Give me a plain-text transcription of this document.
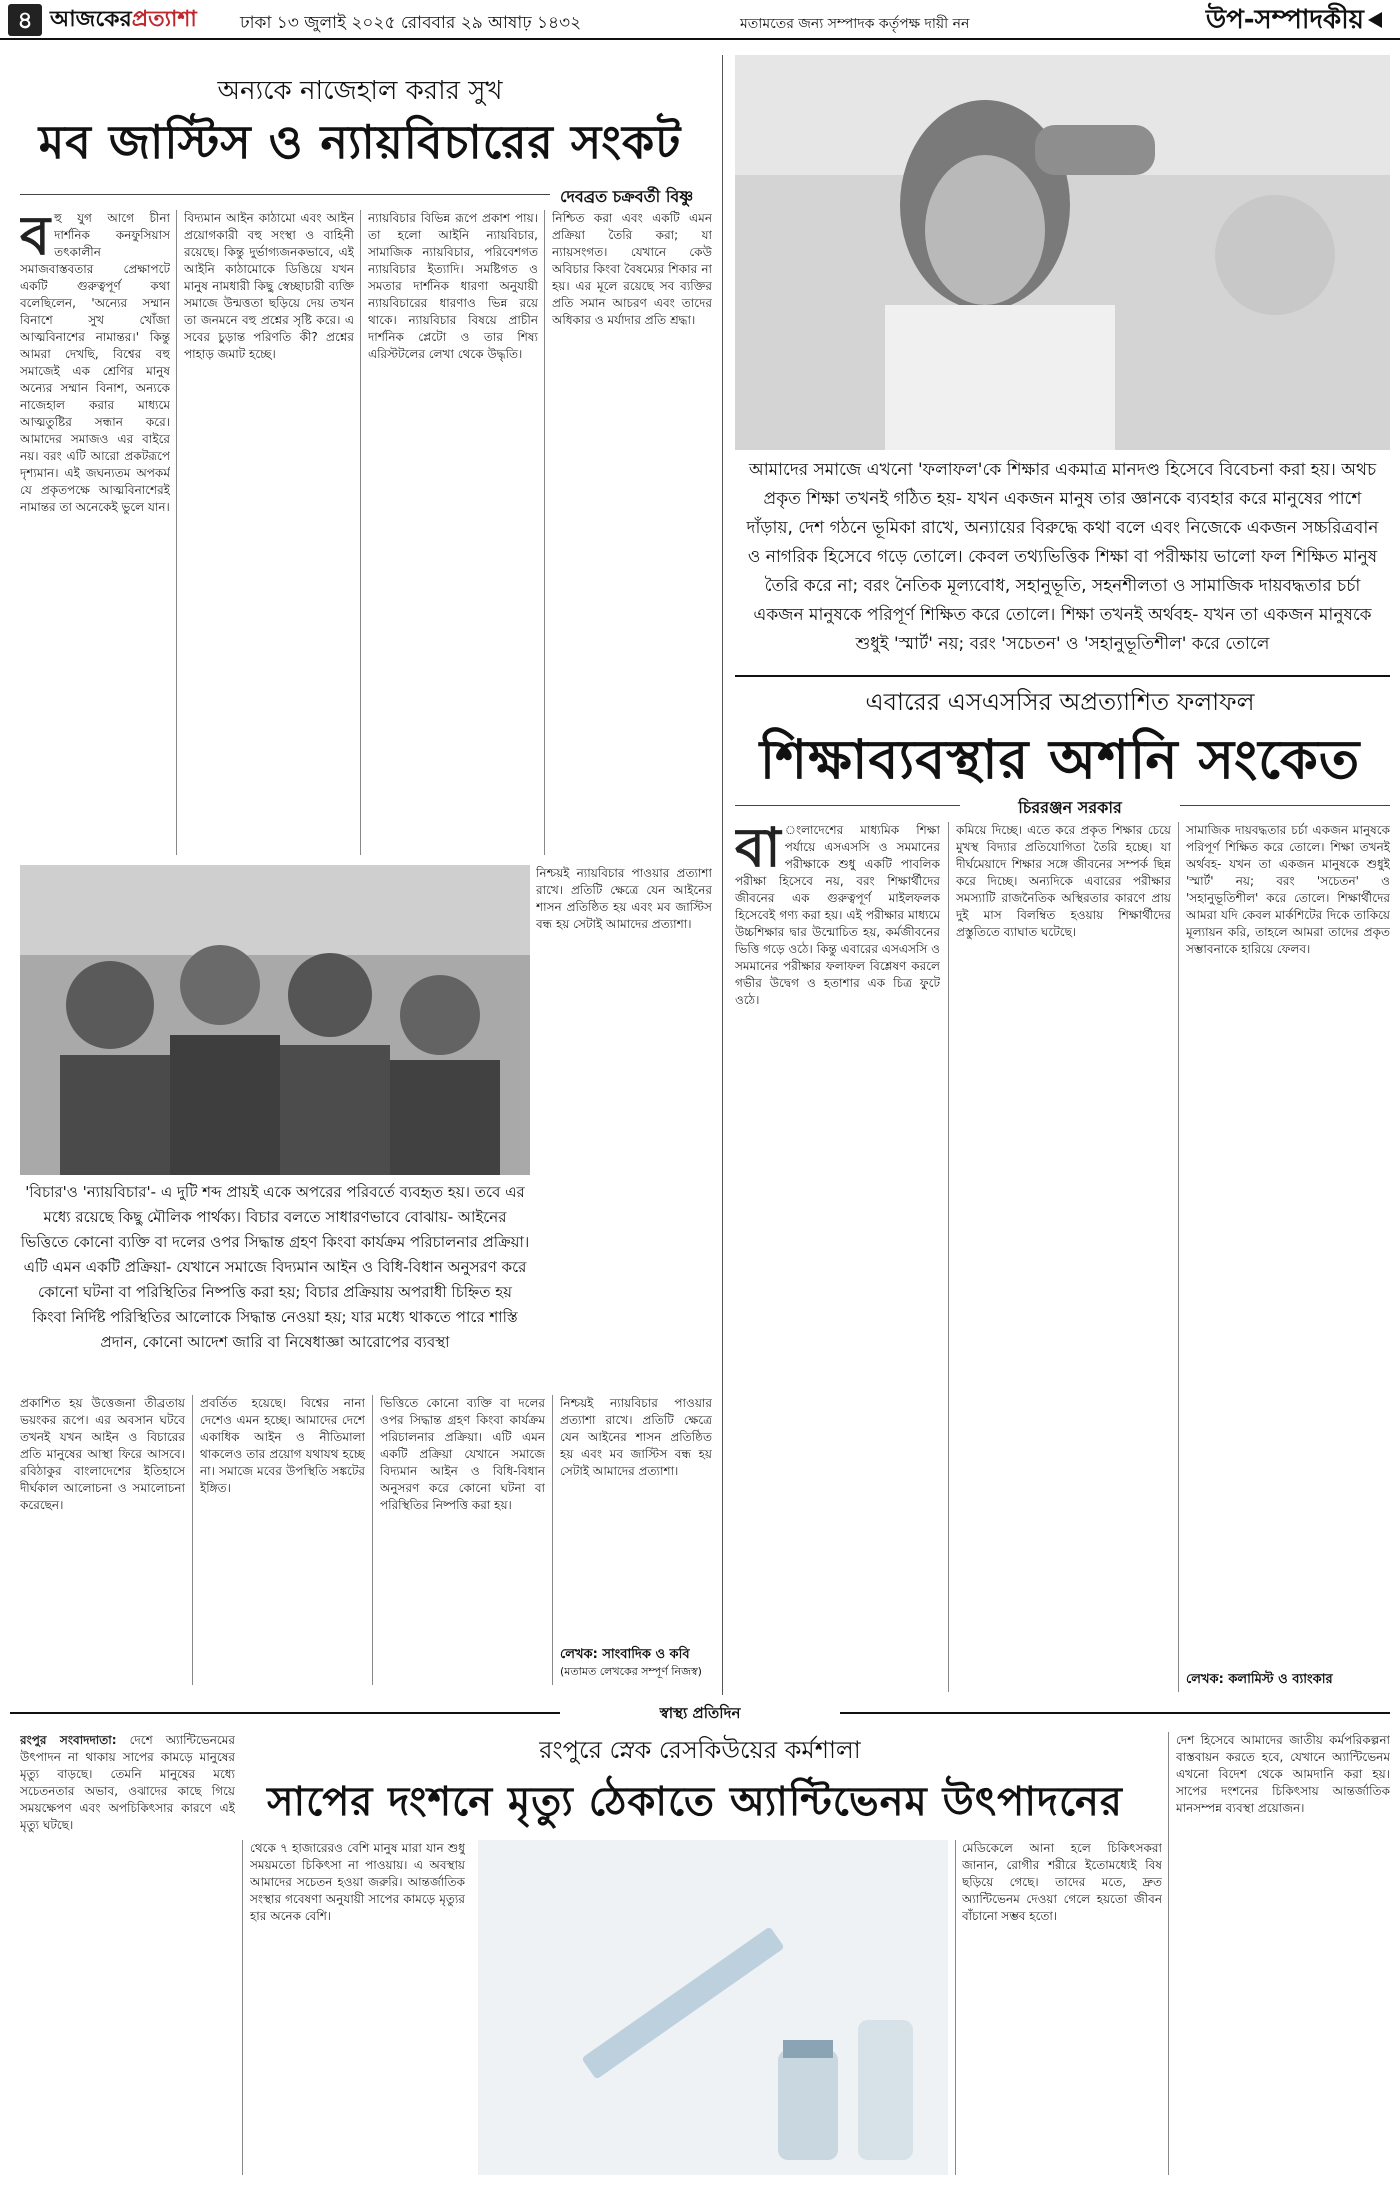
৪ আজকেরপ্রত্যাশা	ঢাকা ১৩ জুলাই ২০২৫ রোববার ২৯ আষাঢ় ১৪৩২	মতামতের জন্য সম্পাদক কর্তৃপক্ষ দায়ী নন	উপ-সম্পাদকীয়
অন্যকে নাজেহাল করার সুখ
মব জাস্টিস ও ন্যায়বিচারের সংকট
দেবব্রত চক্রবর্তী বিষ্ণু
ব হু যুগ আগে চীনা দার্শনিক কনফুসিয়াস তৎকালীন সমাজবাস্তবতার প্রেক্ষাপটে একটি গুরুত্বপূর্ণ কথা বলেছিলেন, 'অন্যের সম্মান বিনাশে সুখ খোঁজা আত্মবিনাশের নামান্তর।' কিন্তু আমরা দেখছি, বিশ্বের বহু সমাজেই এক শ্রেণির মানুষ অন্যের সম্মান বিনাশ, অন্যকে নাজেহাল করার মাধ্যমে আত্মতুষ্টির সন্ধান করে। আমাদের সমাজও এর বাইরে নয়। বরং এটি আরো প্রকটরূপে দৃশ্যমান। এই জঘন্যতম অপকর্ম যে প্রকৃতপক্ষে আত্মবিনাশেরই নামান্তর তা অনেকেই ভুলে যান।
বিদ্যমান আইন কাঠামো এবং আইন প্রয়োগকারী বহু সংস্থা ও বাহিনী রয়েছে। কিন্তু দুর্ভাগ্যজনকভাবে, এই আইনি কাঠামোকে ডিঙিয়ে যখন মানুষ নামধারী কিছু স্বেচ্ছাচারী ব্যক্তি সমাজে উন্মত্ততা ছড়িয়ে দেয় তখন তা জনমনে বহু প্রশ্নের সৃষ্টি করে। এ সবের চুড়ান্ত পরিণতি কী? প্রশ্নের পাহাড় জমাট হচ্ছে।
ন্যায়বিচার বিভিন্ন রূপে প্রকাশ পায়। তা হলো আইনি ন্যায়বিচার, সামাজিক ন্যায়বিচার, পরিবেশগত ন্যায়বিচার ইত্যাদি। সমষ্টিগত ও সমতার দার্শনিক ধারণা অনুযায়ী ন্যায়বিচারের ধারণাও ভিন্ন রয়ে থাকে। ন্যায়বিচার বিষয়ে প্রাচীন দার্শনিক প্লেটো ও তার শিষ্য এরিস্টটলের লেখা থেকে উদ্ধৃতি।
নিশ্চিত করা এবং একটি এমন প্রক্রিয়া তৈরি করা; যা ন্যায়সংগত। যেখানে কেউ অবিচার কিংবা বৈষম্যের শিকার না হয়। এর মূলে রয়েছে সব ব্যক্তির প্রতি সমান আচরণ এবং তাদের অধিকার ও মর্যাদার প্রতি শ্রদ্ধা।
'বিচার'ও 'ন্যায়বিচার'- এ দুটি শব্দ প্রায়ই একে অপরের পরিবর্তে ব্যবহৃত হয়। তবে এর মধ্যে রয়েছে কিছু মৌলিক পার্থক্য। বিচার বলতে সাধারণভাবে বোঝায়- আইনের ভিত্তিতে কোনো ব্যক্তি বা দলের ওপর সিদ্ধান্ত গ্রহণ কিংবা কার্যক্রম পরিচালনার প্রক্রিয়া। এটি এমন একটি প্রক্রিয়া- যেখানে সমাজে বিদ্যমান আইন ও বিধি-বিধান অনুসরণ করে কোনো ঘটনা বা পরিস্থিতির নিষ্পত্তি করা হয়; বিচার প্রক্রিয়ায় অপরাধী চিহ্নিত হয় কিংবা নির্দিষ্ট পরিস্থিতির আলোকে সিদ্ধান্ত নেওয়া হয়; যার মধ্যে থাকতে পারে শাস্তি প্রদান, কোনো আদেশ জারি বা নিষেধাজ্ঞা আরোপের ব্যবস্থা
নিশ্চয়ই ন্যায়বিচার পাওয়ার প্রত্যাশা রাখে। প্রতিটি ক্ষেত্রে যেন আইনের শাসন প্রতিষ্ঠিত হয় এবং মব জাস্টিস বন্ধ হয় সেটাই আমাদের প্রত্যাশা।
প্রকাশিত হয় উত্তেজনা তীব্রতায় ভয়ংকর রূপে। এর অবসান ঘটবে তখনই যখন আইন ও বিচারের প্রতি মানুষের আস্থা ফিরে আসবে। রবিঠাকুর বাংলাদেশের ইতিহাসে দীর্ঘকাল আলোচনা ও সমালোচনা করেছেন।
প্রবর্তিত হয়েছে। বিশ্বের নানা দেশেও এমন হচ্ছে। আমাদের দেশে একাধিক আইন ও নীতিমালা থাকলেও তার প্রয়োগ যথাযথ হচ্ছে না। সমাজে মবের উপস্থিতি সঙ্কটের ইঙ্গিত।
ভিত্তিতে কোনো ব্যক্তি বা দলের ওপর সিদ্ধান্ত গ্রহণ কিংবা কার্যক্রম পরিচালনার প্রক্রিয়া। এটি এমন একটি প্রক্রিয়া যেখানে সমাজে বিদ্যমান আইন ও বিধি-বিধান অনুসরণ করে কোনো ঘটনা বা পরিস্থিতির নিষ্পত্তি করা হয়।
নিশ্চয়ই ন্যায়বিচার পাওয়ার প্রত্যাশা রাখে। প্রতিটি ক্ষেত্রে যেন আইনের শাসন প্রতিষ্ঠিত হয় এবং মব জাস্টিস বন্ধ হয় সেটাই আমাদের প্রত্যাশা।
লেখক: সাংবাদিক ও কবি
(মতামত লেখকের সম্পূর্ণ নিজস্ব)
আমাদের সমাজে এখনো 'ফলাফল'কে শিক্ষার একমাত্র মানদণ্ড হিসেবে বিবেচনা করা হয়। অথচ প্রকৃত শিক্ষা তখনই গঠিত হয়- যখন একজন মানুষ তার জ্ঞানকে ব্যবহার করে মানুষের পাশে দাঁড়ায়, দেশ গঠনে ভূমিকা রাখে, অন্যায়ের বিরুদ্ধে কথা বলে এবং নিজেকে একজন সচ্চরিত্রবান ও নাগরিক হিসেবে গড়ে তোলে। কেবল তথ্যভিত্তিক শিক্ষা বা পরীক্ষায় ভালো ফল শিক্ষিত মানুষ তৈরি করে না; বরং নৈতিক মূল্যবোধ, সহানুভূতি, সহনশীলতা ও সামাজিক দায়বদ্ধতার চর্চা একজন মানুষকে পরিপূর্ণ শিক্ষিত করে তোলে। শিক্ষা তখনই অর্থবহ- যখন তা একজন মানুষকে শুধুই 'স্মার্ট' নয়; বরং 'সচেতন' ও 'সহানুভূতিশীল' করে তোলে
এবারের এসএসসির অপ্রত্যাশিত ফলাফল
শিক্ষাব্যবস্থার অশনি সংকেত
চিররঞ্জন সরকার
বা ংলাদেশের মাধ্যমিক শিক্ষা পর্যায়ে এসএসসি ও সমমানের পরীক্ষাকে শুধু একটি পাবলিক পরীক্ষা হিসেবে নয়, বরং শিক্ষার্থীদের জীবনের এক গুরুত্বপূর্ণ মাইলফলক হিসেবেই গণ্য করা হয়। এই পরীক্ষার মাধ্যমে উচ্চশিক্ষার দ্বার উন্মোচিত হয়, কর্মজীবনের ভিত্তি গড়ে ওঠে। কিন্তু এবারের এসএসসি ও সমমানের পরীক্ষার ফলাফল বিশ্লেষণ করলে গভীর উদ্বেগ ও হতাশার এক চিত্র ফুটে ওঠে।
কমিয়ে দিচ্ছে। এতে করে প্রকৃত শিক্ষার চেয়ে মুখস্থ বিদ্যার প্রতিযোগিতা তৈরি হচ্ছে। যা দীর্ঘমেয়াদে শিক্ষার সঙ্গে জীবনের সম্পর্ক ছিন্ন করে দিচ্ছে। অন্যদিকে এবারের পরীক্ষার সমস্যাটি রাজনৈতিক অস্থিরতার কারণে প্রায় দুই মাস বিলম্বিত হওয়ায় শিক্ষার্থীদের প্রস্তুতিতে ব্যাঘাত ঘটেছে।
সামাজিক দায়বদ্ধতার চর্চা একজন মানুষকে পরিপূর্ণ শিক্ষিত করে তোলে। শিক্ষা তখনই অর্থবহ- যখন তা একজন মানুষকে শুধুই 'স্মার্ট' নয়; বরং 'সচেতন' ও 'সহানুভূতিশীল' করে তোলে। শিক্ষার্থীদের আমরা যদি কেবল মার্কশিটের দিকে তাকিয়ে মূল্যায়ন করি, তাহলে আমরা তাদের প্রকৃত সম্ভাবনাকে হারিয়ে ফেলব।
লেখক: কলামিস্ট ও ব্যাংকার
স্বাস্থ্য প্রতিদিন
রংপুরে স্নেক রেসকিউয়ের কর্মশালা
সাপের দংশনে মৃত্যু ঠেকাতে অ্যান্টিভেনম উৎপাদনের
রংপুর সংবাদদাতা: দেশে অ্যান্টিভেনমের উৎপাদন না থাকায় সাপের কামড়ে মানুষের মৃত্যু বাড়ছে। তেমনি মানুষের মধ্যে সচেতনতার অভাব, ওঝাদের কাছে গিয়ে সময়ক্ষেপণ এবং অপচিকিৎসার কারণে এই মৃত্যু ঘটছে।
থেকে ৭ হাজারেরও বেশি মানুষ মারা যান শুধু সময়মতো চিকিৎসা না পাওয়ায়। এ অবস্থায় আমাদের সচেতন হওয়া জরুরি। আন্তর্জাতিক সংস্থার গবেষণা অনুযায়ী সাপের কামড়ে মৃত্যুর হার অনেক বেশি।
মেডিকেলে আনা হলে চিকিৎসকরা জানান, রোগীর শরীরে ইতোমধ্যেই বিষ ছড়িয়ে গেছে। তাদের মতে, দ্রুত অ্যান্টিভেনম দেওয়া গেলে হয়তো জীবন বাঁচানো সম্ভব হতো।
দেশ হিসেবে আমাদের জাতীয় কর্মপরিকল্পনা বাস্তবায়ন করতে হবে, যেখানে অ্যান্টিভেনম এখনো বিদেশ থেকে আমদানি করা হয়। সাপের দংশনের চিকিৎসায় আন্তর্জাতিক মানসম্পন্ন ব্যবস্থা প্রয়োজন।
